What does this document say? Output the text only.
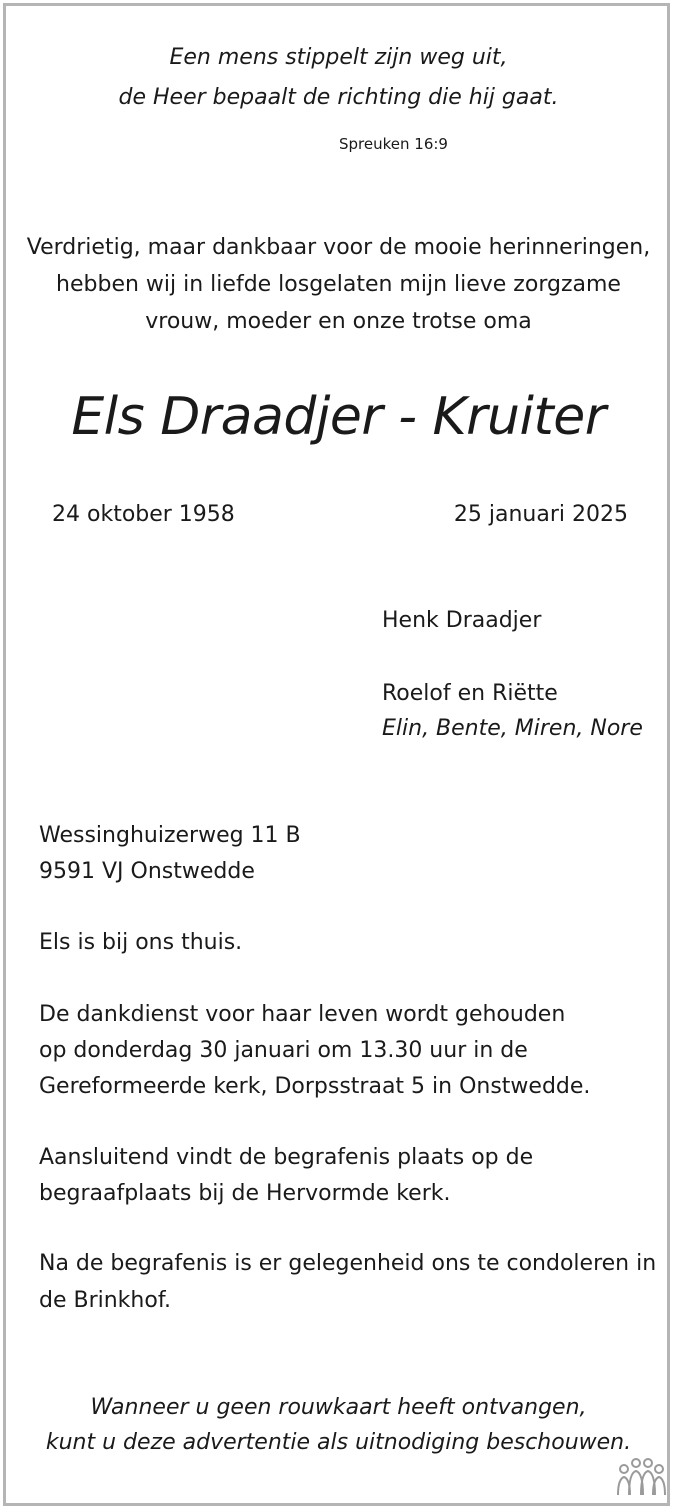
Een mens stippelt zijn weg uit,
de Heer bepaalt de richting die hij gaat.
Spreuken 16:9
Verdrietig, maar dankbaar voor de mooie herinneringen,
hebben wij in liefde losgelaten mijn lieve zorgzame
vrouw, moeder en onze trotse oma
Els Draadjer - Kruiter
24 oktober 1958	25 januari 2025
Henk Draadjer
Roelof en Riëtte
Elin, Bente, Miren, Nore
Wessinghuizerweg 11 B
9591 VJ Onstwedde
Els is bij ons thuis.
De dankdienst voor haar leven wordt gehouden
op donderdag 30 januari om 13.30 uur in de
Gereformeerde kerk, Dorpsstraat 5 in Onstwedde.
Aansluitend vindt de begrafenis plaats op de
begraafplaats bij de Hervormde kerk.
Na de begrafenis is er gelegenheid ons te condoleren in
de Brinkhof.
Wanneer u geen rouwkaart heeft ontvangen,
kunt u deze advertentie als uitnodiging beschouwen.
